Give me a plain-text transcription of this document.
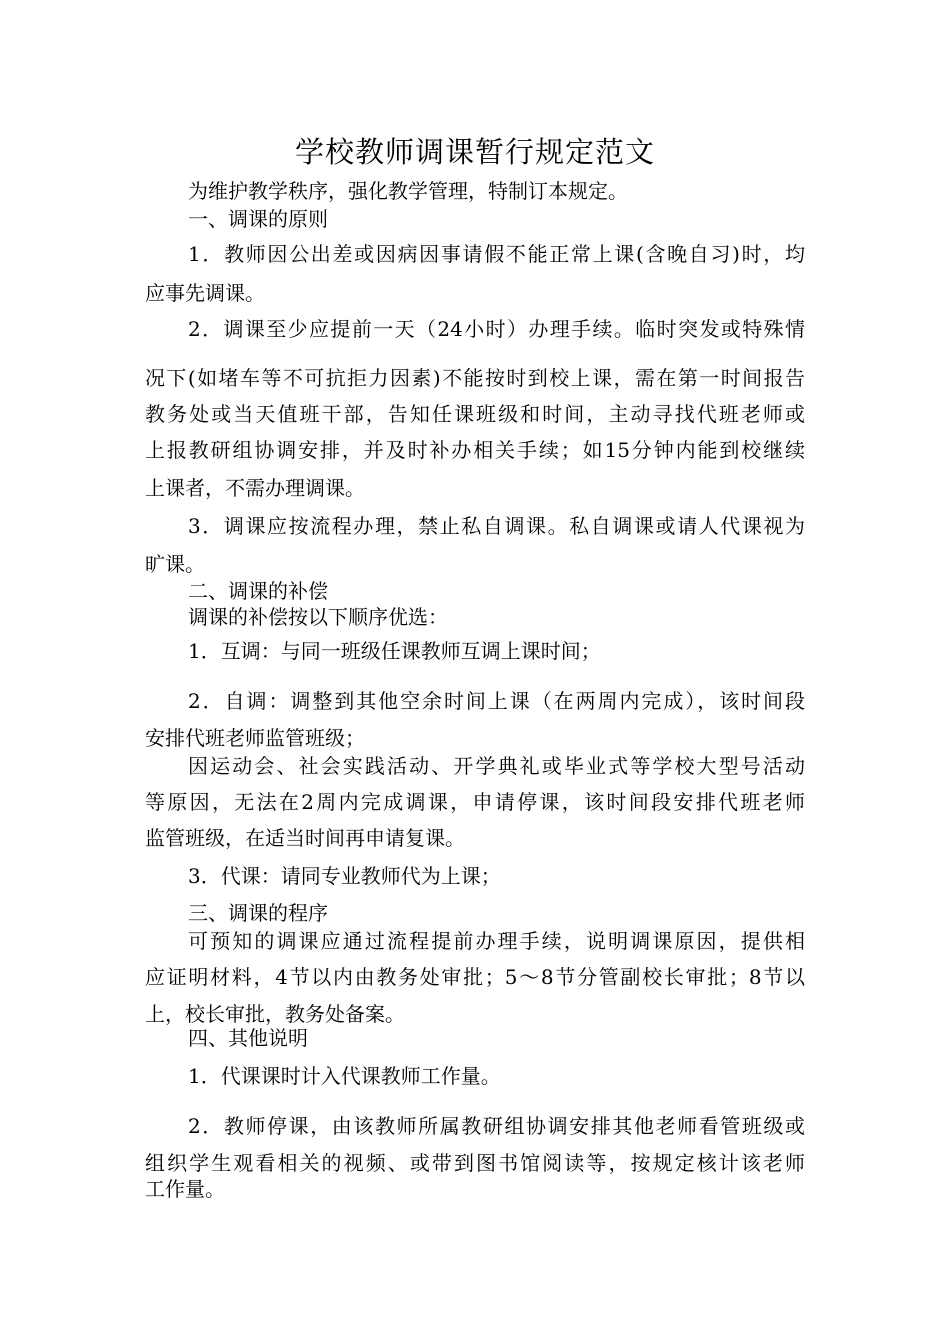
学校教师调课暂行规定范文
为维护教学秩序，强化教学管理，特制订本规定。
一、调课的原则
1．教师因公出差或因病因事请假不能正常上课(含晚自习)时，均
应事先调课。
2．调课至少应提前一天（24小时）办理手续。临时突发或特殊情
况下(如堵车等不可抗拒力因素)不能按时到校上课，需在第一时间报告
教务处或当天值班干部，告知任课班级和时间，主动寻找代班老师或
上报教研组协调安排，并及时补办相关手续；如15分钟内能到校继续
上课者，不需办理调课。
3．调课应按流程办理，禁止私自调课。私自调课或请人代课视为
旷课。
二、调课的补偿
调课的补偿按以下顺序优选：
1．互调：与同一班级任课教师互调上课时间；
2．自调：调整到其他空余时间上课（在两周内完成），该时间段
安排代班老师监管班级；
因运动会、社会实践活动、开学典礼或毕业式等学校大型号活动
等原因，无法在2周内完成调课，申请停课，该时间段安排代班老师
监管班级，在适当时间再申请复课。
3．代课：请同专业教师代为上课；
三、调课的程序
可预知的调课应通过流程提前办理手续，说明调课原因，提供相
应证明材料，4节以内由教务处审批；5～8节分管副校长审批；8节以
上，校长审批，教务处备案。
四、其他说明
1．代课课时计入代课教师工作量。
2．教师停课，由该教师所属教研组协调安排其他老师看管班级或
组织学生观看相关的视频、或带到图书馆阅读等，按规定核计该老师
工作量。
